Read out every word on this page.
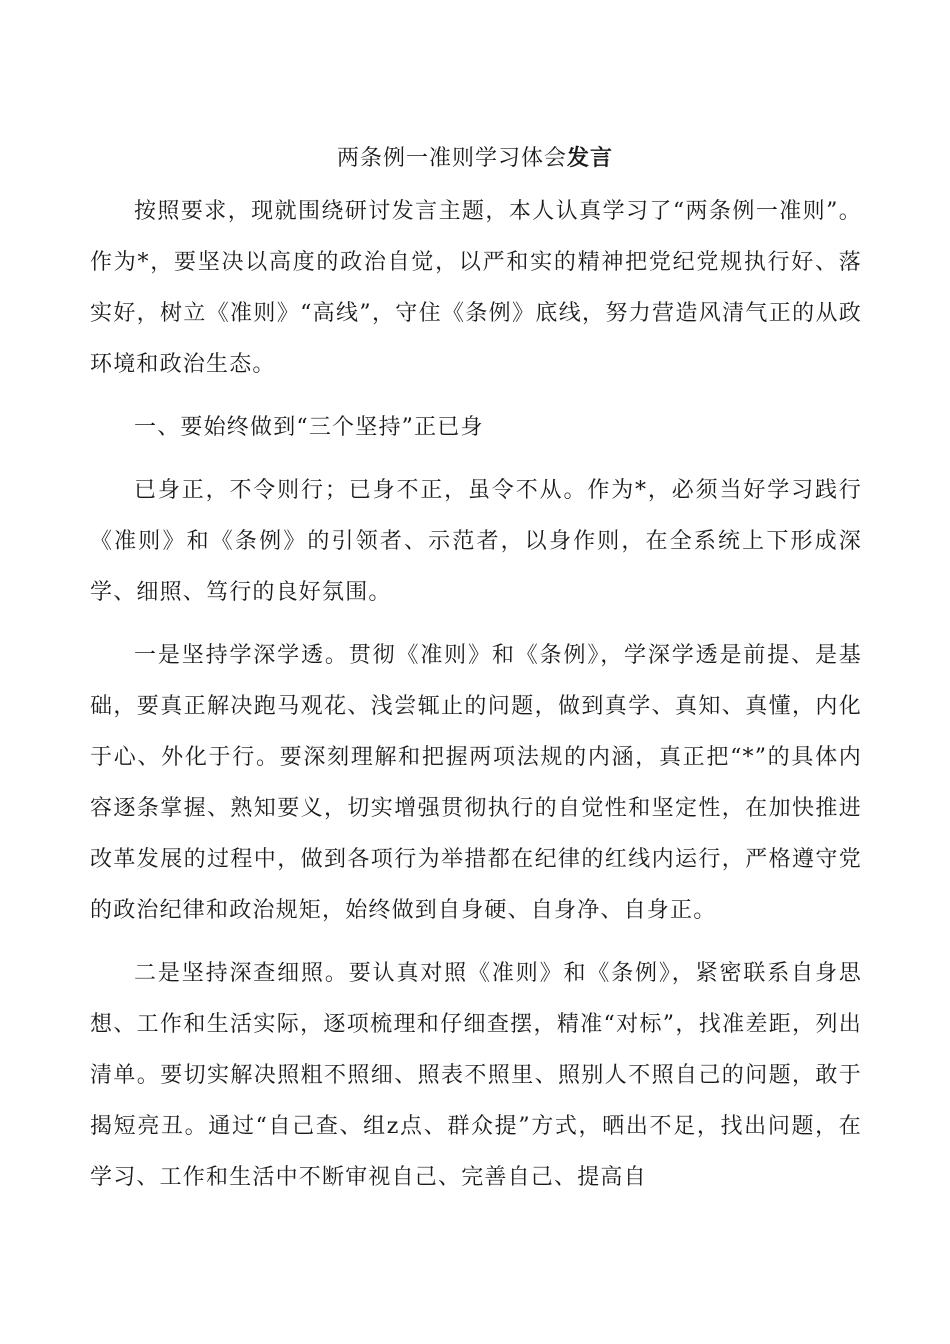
两条例一准则学习体会发言

按照要求，现就围绕研讨发言主题，本人认真学习了“两条例一准则”。作为*，要坚决以高度的政治自觉，以严和实的精神把党纪党规执行好、落实好，树立《准则》“高线”，守住《条例》底线，努力营造风清气正的从政环境和政治生态。

一、要始终做到“三个坚持”正已身

已身正，不令则行；已身不正，虽令不从。作为*，必须当好学习践行《准则》和《条例》的引领者、示范者，以身作则，在全系统上下形成深学、细照、笃行的良好氛围。

一是坚持学深学透。贯彻《准则》和《条例》，学深学透是前提、是基础，要真正解决跑马观花、浅尝辄止的问题，做到真学、真知、真懂，内化于心、外化于行。要深刻理解和把握两项法规的内涵，真正把“*”的具体内容逐条掌握、熟知要义，切实增强贯彻执行的自觉性和坚定性，在加快推进改革发展的过程中，做到各项行为举措都在纪律的红线内运行，严格遵守党的政治纪律和政治规矩，始终做到自身硬、自身净、自身正。

二是坚持深查细照。要认真对照《准则》和《条例》，紧密联系自身思想、工作和生活实际，逐项梳理和仔细查摆，精准“对标”，找准差距，列出清单。要切实解决照粗不照细、照表不照里、照别人不照自己的问题，敢于揭短亮丑。通过“自己查、组z点、群众提”方式，晒出不足，找出问题，在学习、工作和生活中不断审视自己、完善自己、提高自
